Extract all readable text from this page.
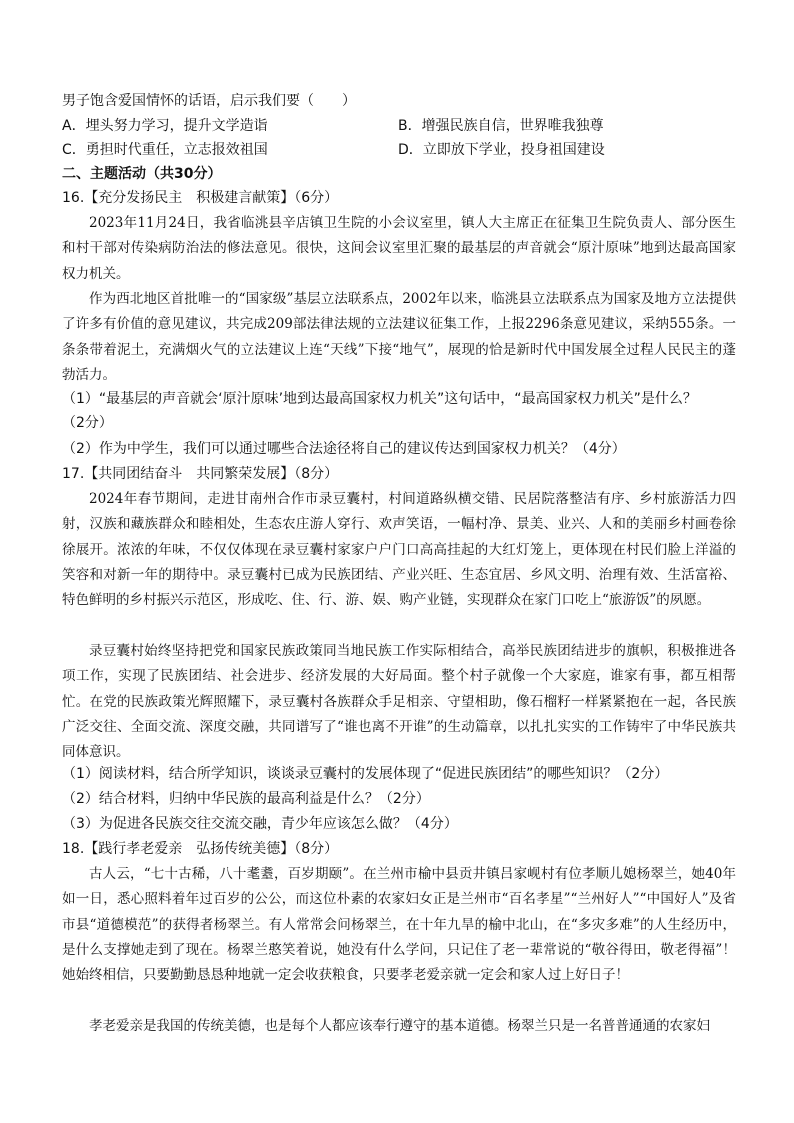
男子饱含爱国情怀的话语，启示我们要（　　）
A．埋头努力学习，提升文学造诣	B．增强民族自信，世界唯我独尊
C．勇担时代重任，立志报效祖国	D．立即放下学业，投身祖国建设
二、主题活动（共30分）
16.【充分发扬民主　积极建言献策】（6分）

2023年11月24日，我省临洮县辛店镇卫生院的小会议室里，镇人大主席正在征集卫生院负责人、部分医生和村干部对传染病防治法的修法意见。很快，这间会议室里汇聚的最基层的声音就会“原汁原味”地到达最高国家权力机关。

作为西北地区首批唯一的“国家级”基层立法联系点，2002年以来，临洮县立法联系点为国家及地方立法提供了许多有价值的意见建议，共完成209部法律法规的立法建议征集工作，上报2296条意见建议，采纳555条。一条条带着泥土，充满烟火气的立法建议上连“天线”下接“地气”，展现的恰是新时代中国发展全过程人民民主的蓬勃活力。

（1）“最基层的声音就会‘原汁原味’地到达最高国家权力机关”这句话中，“最高国家权力机关”是什么？
（2分）
（2）作为中学生，我们可以通过哪些合法途径将自己的建议传达到国家权力机关？（4分）
17.【共同团结奋斗　共同繁荣发展】（8分）

2024年春节期间，走进甘南州合作市录豆囊村，村间道路纵横交错、民居院落整洁有序、乡村旅游活力四射，汉族和藏族群众和睦相处，生态农庄游人穿行、欢声笑语，一幅村净、景美、业兴、人和的美丽乡村画卷徐徐展开。浓浓的年味，不仅仅体现在录豆囊村家家户户门口高高挂起的大红灯笼上，更体现在村民们脸上洋溢的笑容和对新一年的期待中。录豆囊村已成为民族团结、产业兴旺、生态宜居、乡风文明、治理有效、生活富裕、特色鲜明的乡村振兴示范区，形成吃、住、行、游、娱、购产业链，实现群众在家门口吃上“旅游饭”的夙愿。

录豆囊村始终坚持把党和国家民族政策同当地民族工作实际相结合，高举民族团结进步的旗帜，积极推进各项工作，实现了民族团结、社会进步、经济发展的大好局面。整个村子就像一个大家庭，谁家有事，都互相帮忙。在党的民族政策光辉照耀下，录豆囊村各族群众手足相亲、守望相助，像石榴籽一样紧紧抱在一起，各民族广泛交往、全面交流、深度交融，共同谱写了“谁也离不开谁”的生动篇章，以扎扎实实的工作铸牢了中华民族共同体意识。

（1）阅读材料，结合所学知识，谈谈录豆囊村的发展体现了“促进民族团结”的哪些知识？（2分）
（2）结合材料，归纳中华民族的最高利益是什么？（2分）
（3）为促进各民族交往交流交融，青少年应该怎么做？（4分）
18.【践行孝老爱亲　弘扬传统美德】（8分）

古人云，“七十古稀，八十耄耋，百岁期颐”。在兰州市榆中县贡井镇吕家岘村有位孝顺儿媳杨翠兰，她40年如一日，悉心照料着年过百岁的公公，而这位朴素的农家妇女正是兰州市“百名孝星”“兰州好人”“中国好人”及省市县“道德模范”的获得者杨翠兰。有人常常会问杨翠兰，在十年九旱的榆中北山，在“多灾多难”的人生经历中，是什么支撑她走到了现在。杨翠兰憨笑着说，她没有什么学问，只记住了老一辈常说的“敬谷得田，敬老得福”！她始终相信，只要勤勤恳恳种地就一定会收获粮食，只要孝老爱亲就一定会和家人过上好日子！

孝老爱亲是我国的传统美德，也是每个人都应该奉行遵守的基本道德。杨翠兰只是一名普普通通的农家妇
